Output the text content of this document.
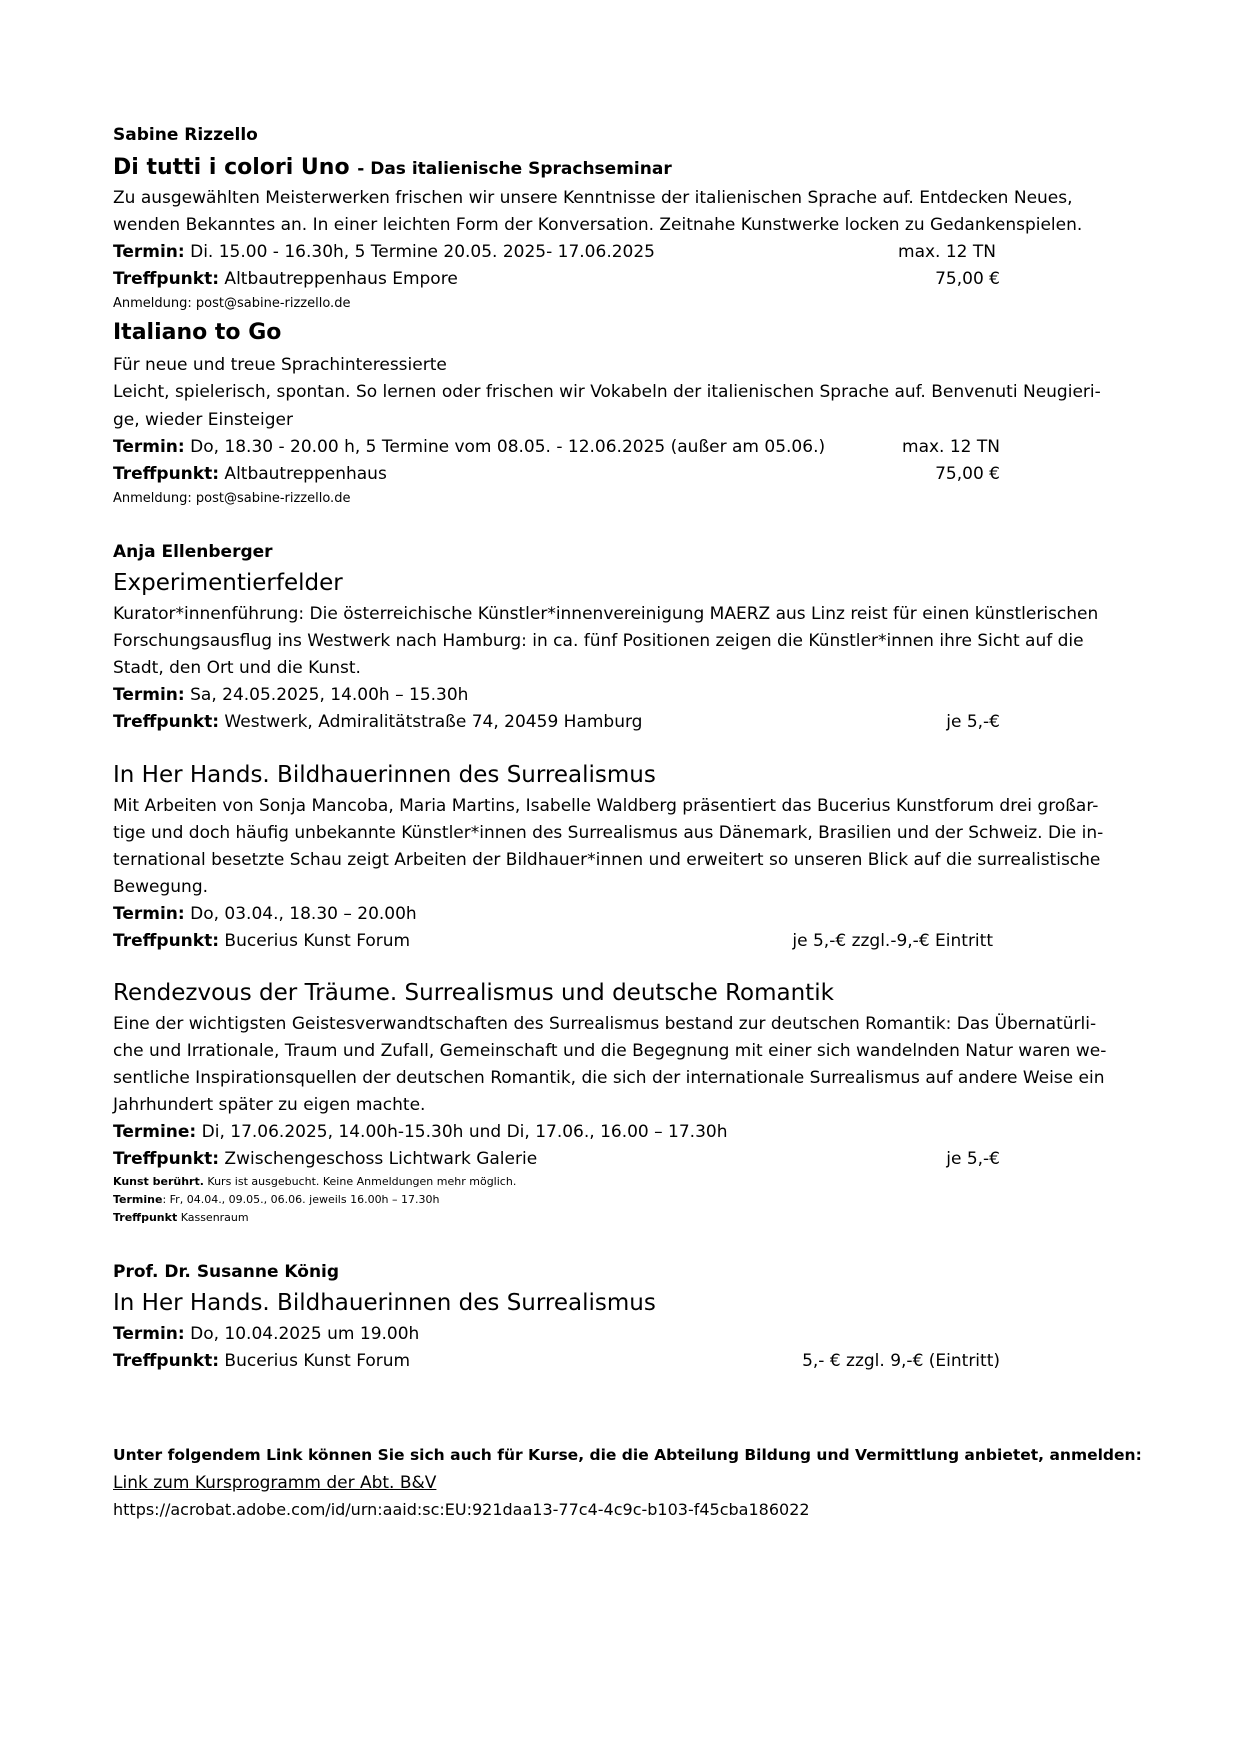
Sabine Rizzello
Di tutti i colori Uno - Das italienische Sprachseminar
Zu ausgewählten Meisterwerken frischen wir unsere Kenntnisse der italienischen Sprache auf. Entdecken Neues,
wenden Bekanntes an. In einer leichten Form der Konversation. Zeitnahe Kunstwerke locken zu Gedankenspielen.
Termin: Di. 15.00 - 16.30h, 5 Termine 20.05. 2025- 17.06.2025	max. 12 TN
Treffpunkt: Altbautreppenhaus Empore	75,00 €
Anmeldung: post@sabine-rizzello.de
Italiano to Go
Für neue und treue Sprachinteressierte
Leicht, spielerisch, spontan. So lernen oder frischen wir Vokabeln der italienischen Sprache auf. Benvenuti Neugieri-
ge, wieder Einsteiger
Termin: Do, 18.30 - 20.00 h, 5 Termine vom 08.05. - 12.06.2025 (außer am 05.06.)	max. 12 TN
Treffpunkt: Altbautreppenhaus	75,00 €
Anmeldung: post@sabine-rizzello.de
Anja Ellenberger
Experimentierfelder
Kurator*innenführung: Die österreichische Künstler*innenvereinigung MAERZ aus Linz reist für einen künstlerischen
Forschungsausflug ins Westwerk nach Hamburg: in ca. fünf Positionen zeigen die Künstler*innen ihre Sicht auf die
Stadt, den Ort und die Kunst.
Termin: Sa, 24.05.2025, 14.00h – 15.30h
Treffpunkt: Westwerk, Admiralitätstraße 74, 20459 Hamburg	je 5,-€
In Her Hands. Bildhauerinnen des Surrealismus
Mit Arbeiten von Sonja Mancoba, Maria Martins, Isabelle Waldberg präsentiert das Bucerius Kunstforum drei großar-
tige und doch häufig unbekannte Künstler*innen des Surrealismus aus Dänemark, Brasilien und der Schweiz. Die in-
ternational besetzte Schau zeigt Arbeiten der Bildhauer*innen und erweitert so unseren Blick auf die surrealistische
Bewegung.
Termin: Do, 03.04., 18.30 – 20.00h
Treffpunkt: Bucerius Kunst Forum	je 5,-€ zzgl.-9,-€ Eintritt
Rendezvous der Träume. Surrealismus und deutsche Romantik
Eine der wichtigsten Geistesverwandtschaften des Surrealismus bestand zur deutschen Romantik: Das Übernatürli-
che und Irrationale, Traum und Zufall, Gemeinschaft und die Begegnung mit einer sich wandelnden Natur waren we-
sentliche Inspirationsquellen der deutschen Romantik, die sich der internationale Surrealismus auf andere Weise ein
Jahrhundert später zu eigen machte.
Termine: Di, 17.06.2025, 14.00h-15.30h und Di, 17.06., 16.00 – 17.30h
Treffpunkt: Zwischengeschoss Lichtwark Galerie	je 5,-€
Kunst berührt. Kurs ist ausgebucht. Keine Anmeldungen mehr möglich.
Termine: Fr, 04.04., 09.05., 06.06. jeweils 16.00h – 17.30h
Treffpunkt Kassenraum
Prof. Dr. Susanne König
In Her Hands. Bildhauerinnen des Surrealismus
Termin: Do, 10.04.2025 um 19.00h
Treffpunkt: Bucerius Kunst Forum	5,- € zzgl. 9,-€ (Eintritt)
Unter folgendem Link können Sie sich auch für Kurse, die die Abteilung Bildung und Vermittlung anbietet, anmelden:
Link zum Kursprogramm der Abt. B&V
https://acrobat.adobe.com/id/urn:aaid:sc:EU:921daa13-77c4-4c9c-b103-f45cba186022
